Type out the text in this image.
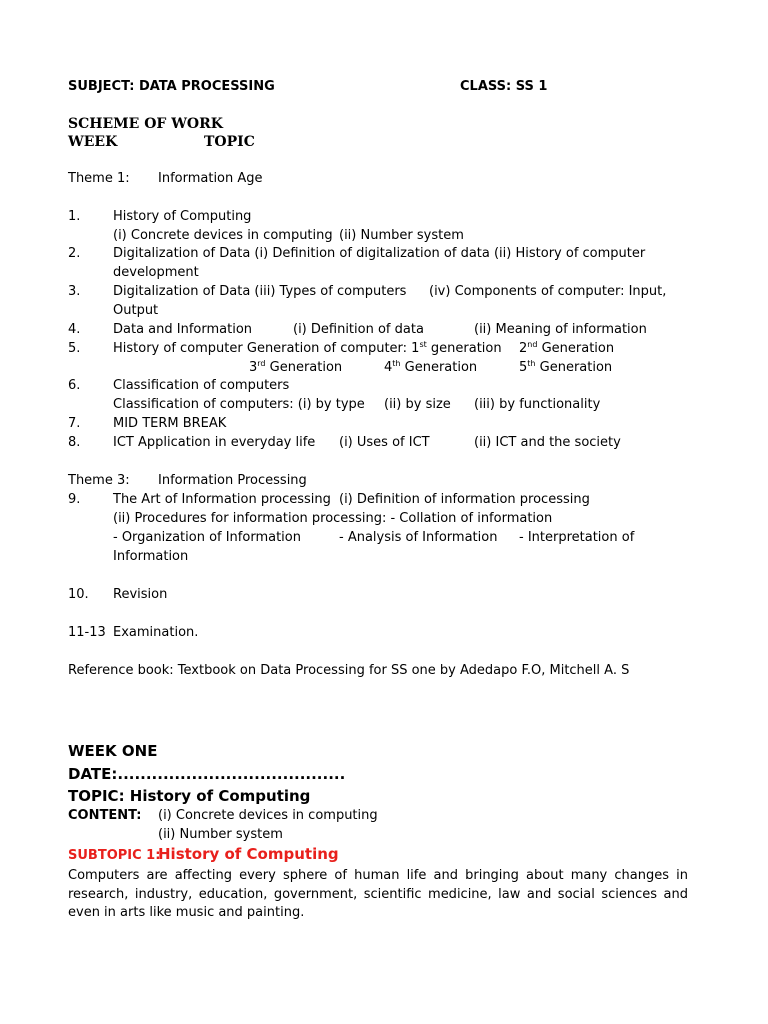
SUBJECT: DATA PROCESSING	CLASS: SS 1
SCHEME OF WORK
WEEK	TOPIC
Theme 1: Information Age
1.	History of Computing
(i) Concrete devices in computing (ii) Number system
2.	Digitalization of Data (i) Definition of digitalization of data (ii) History of computer
development
3.	Digitalization of Data (iii) Types of computers (iv) Components of computer: Input,
Output
4.	Data and Information	(i) Definition of data	(ii) Meaning of information
5.	History of computer Generation of computer: 1st generation 2nd Generation
3rd Generation	4th Generation	5th Generation
6.	Classification of computers
Classification of computers: (i) by type (ii) by size (iii) by functionality
7.	MID TERM BREAK
8.	ICT Application in everyday life (i) Uses of ICT	(ii) ICT and the society
Theme 3: Information Processing
9.	The Art of Information processing (i) Definition of information processing
(ii) Procedures for information processing: - Collation of information
- Organization of Information	- Analysis of Information - Interpretation of
Information
10. Revision
11-13 Examination.
Reference book: Textbook on Data Processing for SS one by Adedapo F.O, Mitchell A. S
WEEK ONE
DATE:........................................
TOPIC: History of Computing
CONTENT: (i) Concrete devices in computing
(ii) Number system
SUBTOPIC 1:
History of Computing
Computers are affecting every sphere of human life and bringing about many changes in research, industry, education, government, scientific medicine, law and social sciences and even in arts like music and painting.
